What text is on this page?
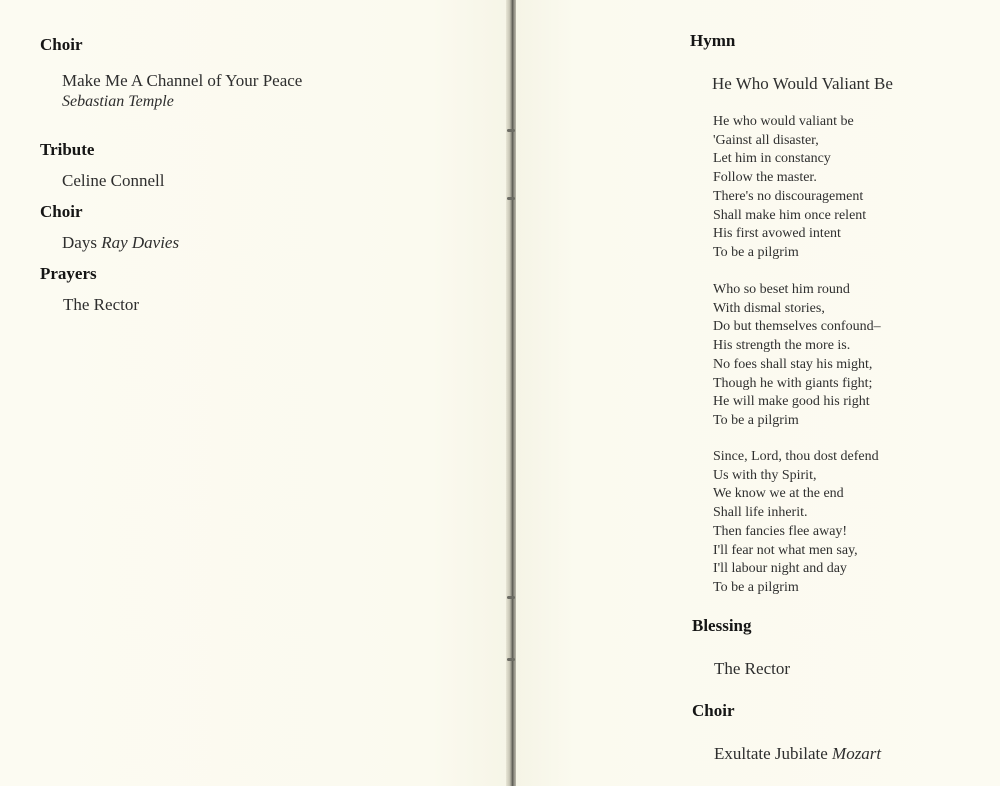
Choir

Make Me A Channel of Your Peace

Sebastian Temple

Tribute

Celine Connell

Choir

Days Ray Davies

Prayers

The Rector

Hymn

He Who Would Valiant Be

He who would valiant be
'Gainst all disaster,
Let him in constancy
Follow the master.
There's no discouragement
Shall make him once relent
His first avowed intent
To be a pilgrim
Who so beset him round
With dismal stories,
Do but themselves confound–
His strength the more is.
No foes shall stay his might,
Though he with giants fight;
He will make good his right
To be a pilgrim
Since, Lord, thou dost defend
Us with thy Spirit,
We know we at the end
Shall life inherit.
Then fancies flee away!
I'll fear not what men say,
I'll labour night and day
To be a pilgrim
Blessing

The Rector

Choir

Exultate Jubilate Mozart
